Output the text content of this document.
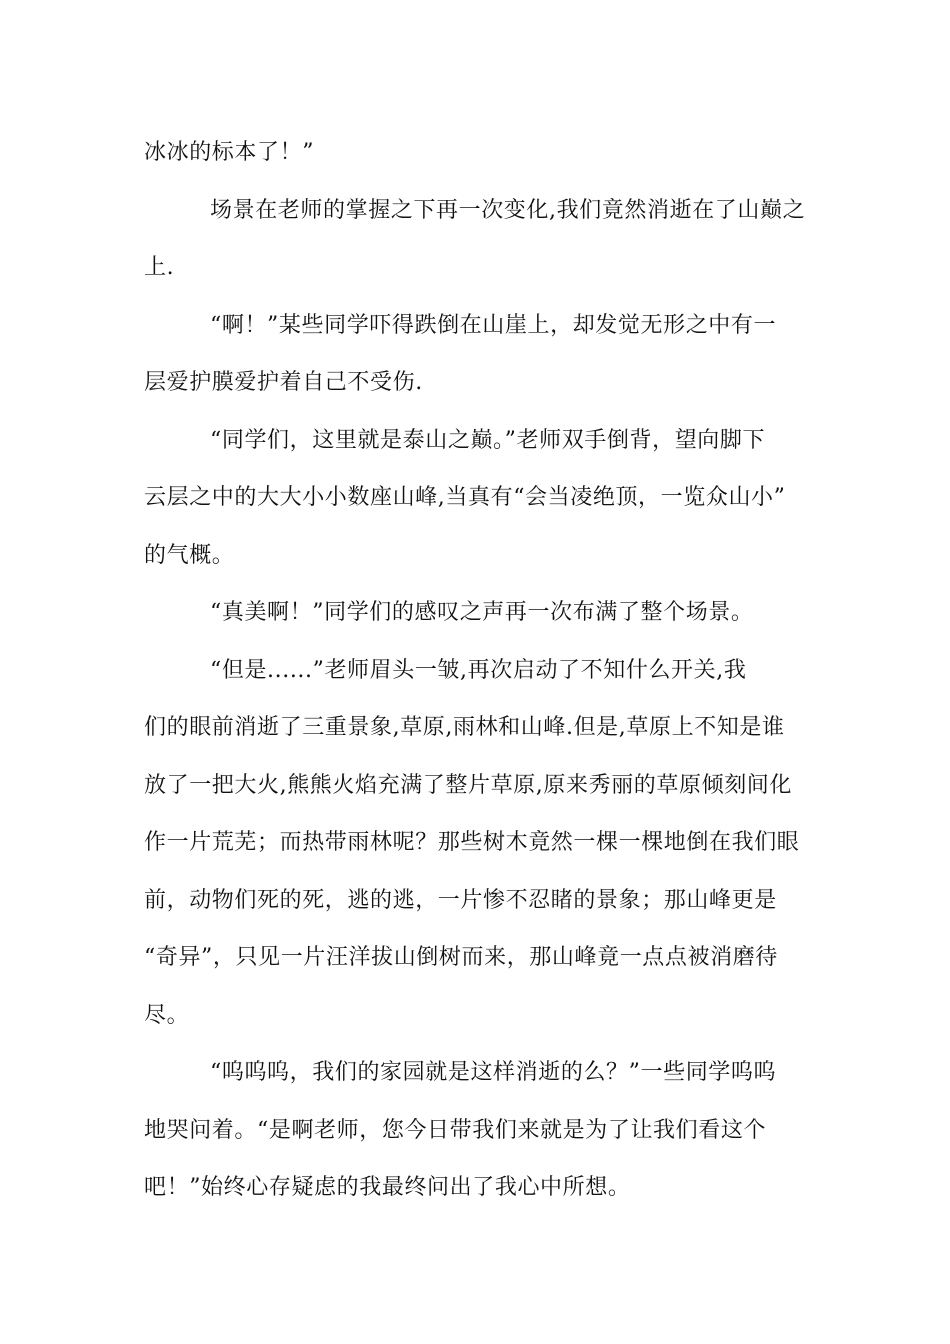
冰冰的标本了！”
场景在老师的掌握之下再一次变化,我们竟然消逝在了山巅之
上.
“啊！”某些同学吓得跌倒在山崖上，却发觉无形之中有一
层爱护膜爱护着自己不受伤.
“同学们，这里就是泰山之巅。”老师双手倒背，望向脚下
云层之中的大大小小数座山峰,当真有“会当凌绝顶，一览众山小”
的气概。
“真美啊！”同学们的感叹之声再一次布满了整个场景。
“但是......”老师眉头一皱,再次启动了不知什么开关,我
们的眼前消逝了三重景象,草原,雨林和山峰.但是,草原上不知是谁
放了一把大火,熊熊火焰充满了整片草原,原来秀丽的草原倾刻间化
作一片荒芜；而热带雨林呢？那些树木竟然一棵一棵地倒在我们眼
前，动物们死的死，逃的逃，一片惨不忍睹的景象；那山峰更是
“奇异”，只见一片汪洋拔山倒树而来，那山峰竟一点点被消磨待
尽。
“呜呜呜，我们的家园就是这样消逝的么？”一些同学呜呜
地哭问着。“是啊老师，您今日带我们来就是为了让我们看这个
吧！”始终心存疑虑的我最终问出了我心中所想。
